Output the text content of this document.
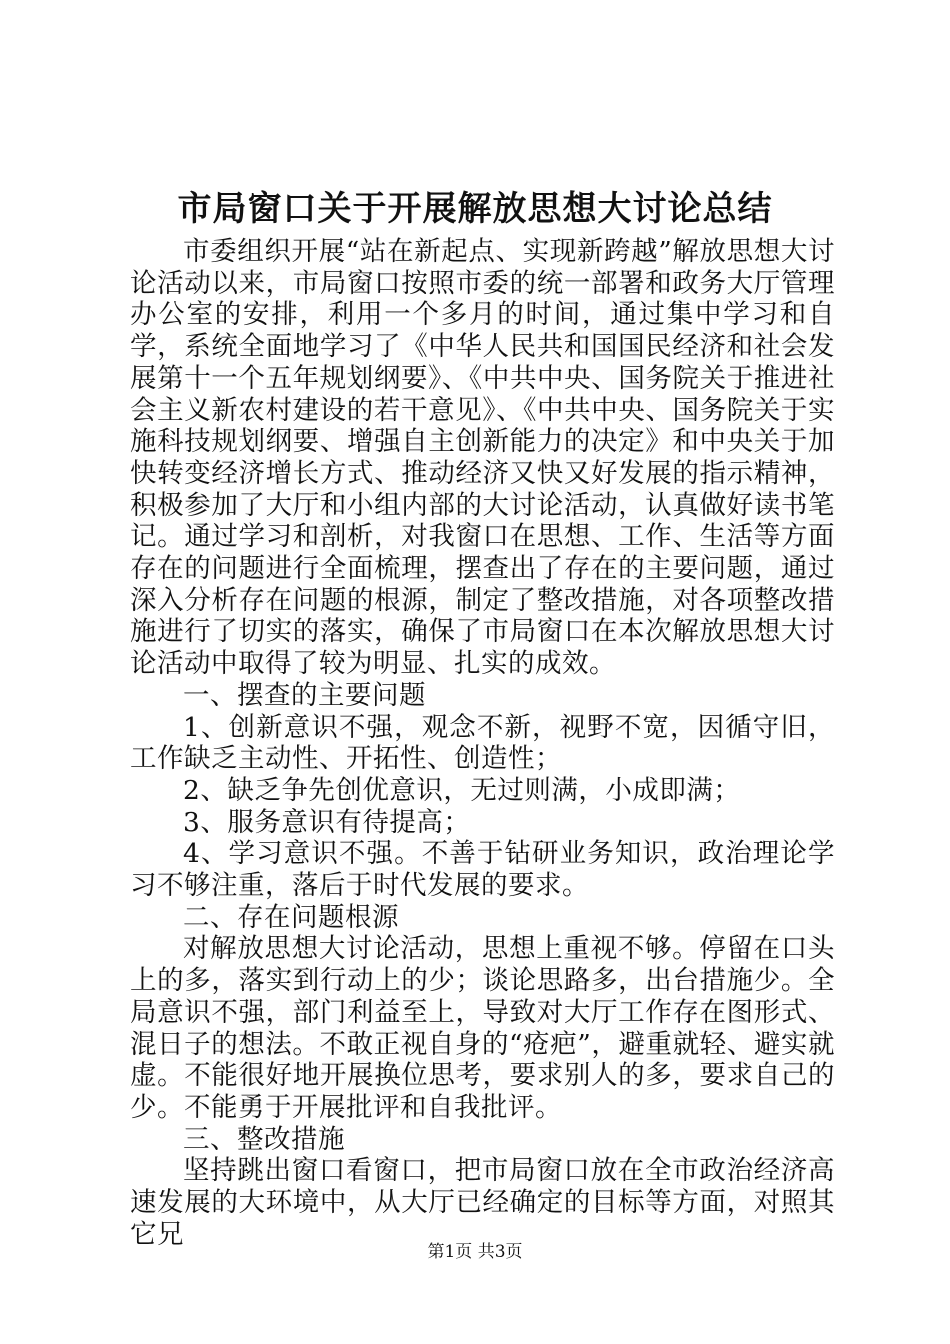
市局窗口关于开展解放思想大讨论总结

市委组织开展“站在新起点、实现新跨越”解放思想大讨论活动以来，市局窗口按照市委的统一部署和政务大厅管理办公室的安排，利用一个多月的时间，通过集中学习和自学，系统全面地学习了《中华人民共和国国民经济和社会发展第十一个五年规划纲要》、《中共中央、国务院关于推进社会主义新农村建设的若干意见》、《中共中央、国务院关于实施科技规划纲要、增强自主创新能力的决定》和中央关于加快转变经济增长方式、推动经济又快又好发展的指示精神，积极参加了大厅和小组内部的大讨论活动，认真做好读书笔记。通过学习和剖析，对我窗口在思想、工作、生活等方面存在的问题进行全面梳理，摆查出了存在的主要问题，通过深入分析存在问题的根源，制定了整改措施，对各项整改措施进行了切实的落实，确保了市局窗口在本次解放思想大讨论活动中取得了较为明显、扎实的成效。

一、摆查的主要问题

1、创新意识不强，观念不新，视野不宽，因循守旧，工作缺乏主动性、开拓性、创造性；

2、缺乏争先创优意识，无过则满，小成即满；

3、服务意识有待提高；

4、学习意识不强。不善于钻研业务知识，政治理论学习不够注重，落后于时代发展的要求。

二、存在问题根源

对解放思想大讨论活动，思想上重视不够。停留在口头上的多，落实到行动上的少；谈论思路多，出台措施少。全局意识不强，部门利益至上，导致对大厅工作存在图形式、混日子的想法。不敢正视自身的“疮疤”，避重就轻、避实就虚。不能很好地开展换位思考，要求别人的多，要求自己的少。不能勇于开展批评和自我批评。

三、整改措施

坚持跳出窗口看窗口，把市局窗口放在全市政治经济高速发展的大环境中，从大厅已经确定的目标等方面，对照其它兄

第1页 共3页
